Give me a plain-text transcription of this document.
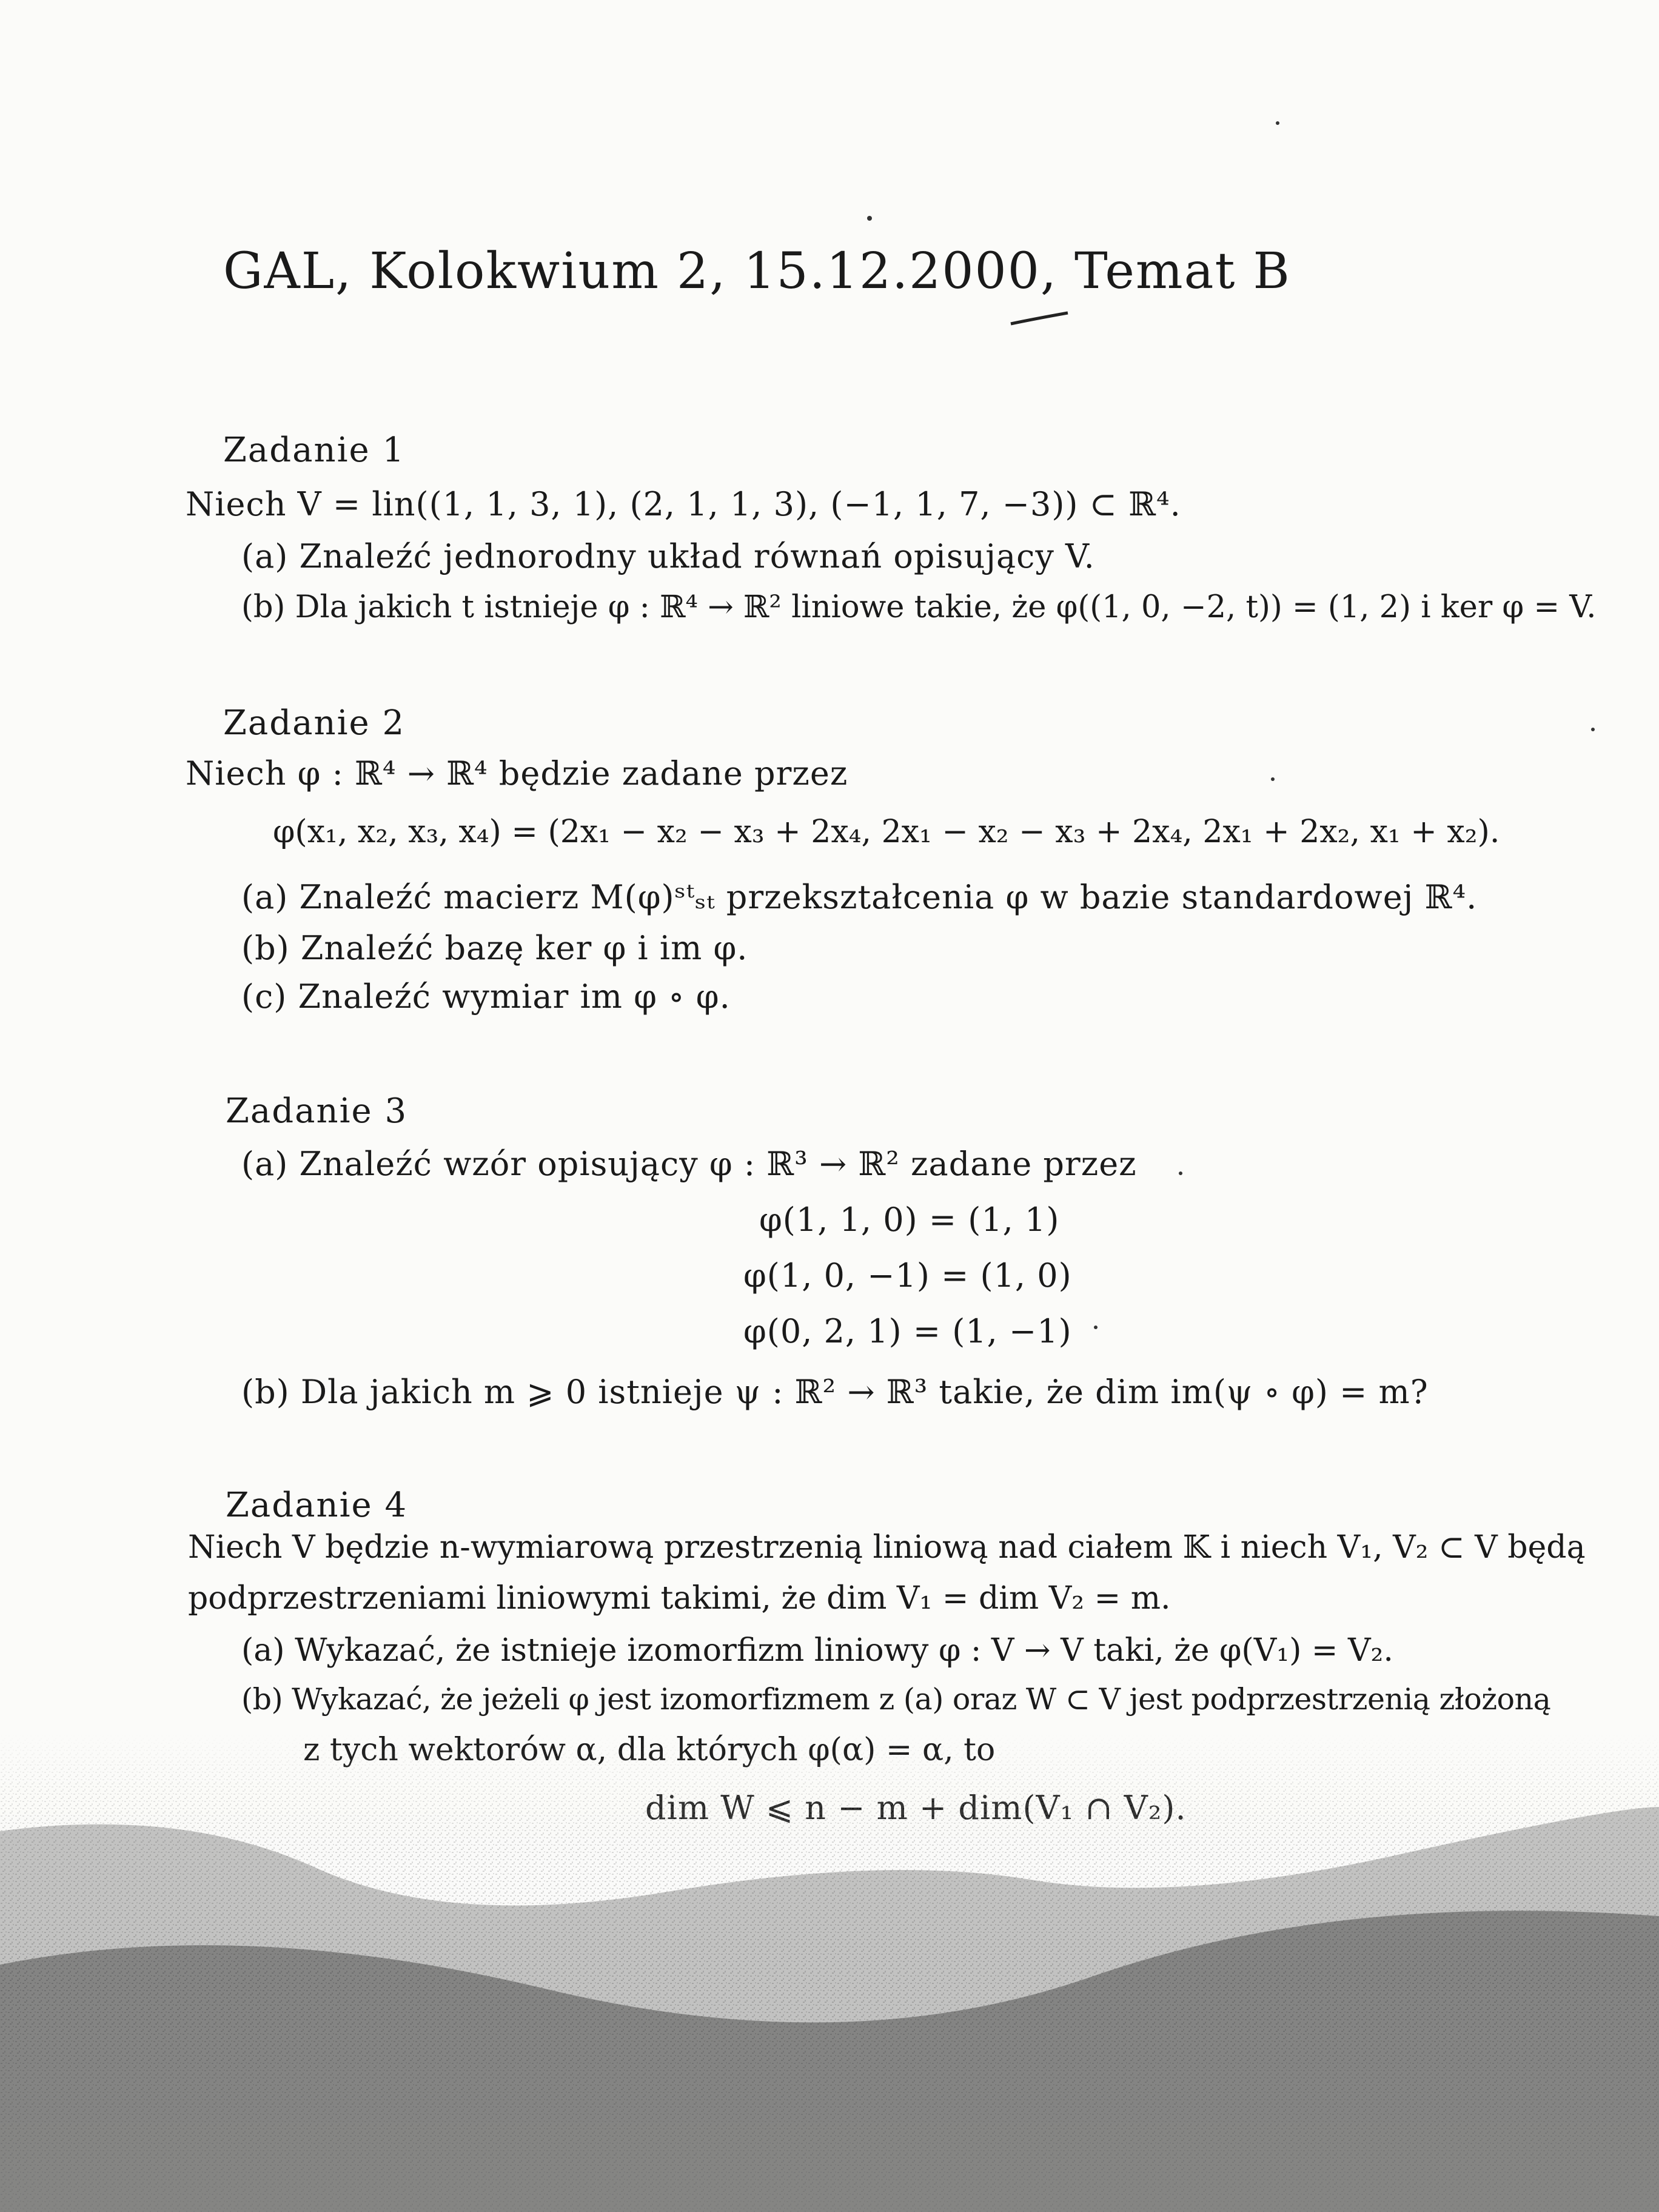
GAL, Kolokwium 2, 15.12.2000, Temat B
Zadanie 1
Niech V = lin((1, 1, 3, 1), (2, 1, 1, 3), (−1, 1, 7, −3)) ⊂ ℝ⁴.
(a) Znaleźć jednorodny układ równań opisujący V.
(b) Dla jakich t istnieje φ : ℝ⁴ → ℝ² liniowe takie, że φ((1, 0, −2, t)) = (1, 2) i ker φ = V.
Zadanie 2
Niech φ : ℝ⁴ → ℝ⁴ będzie zadane przez
φ(x₁, x₂, x₃, x₄) = (2x₁ − x₂ − x₃ + 2x₄, 2x₁ − x₂ − x₃ + 2x₄, 2x₁ + 2x₂, x₁ + x₂).
(a) Znaleźć macierz M(φ)ˢᵗₛₜ przekształcenia φ w bazie standardowej ℝ⁴.
(b) Znaleźć bazę ker φ i im φ.
(c) Znaleźć wymiar im φ ∘ φ.
Zadanie 3
(a) Znaleźć wzór opisujący φ : ℝ³ → ℝ² zadane przez
φ(1, 1, 0) = (1, 1)
φ(1, 0, −1) = (1, 0)
φ(0, 2, 1) = (1, −1)
(b) Dla jakich m ⩾ 0 istnieje ψ : ℝ² → ℝ³ takie, że dim im(ψ ∘ φ) = m?
Zadanie 4
Niech V będzie n-wymiarową przestrzenią liniową nad ciałem 𝕂 i niech V₁, V₂ ⊂ V będą
podprzestrzeniami liniowymi takimi, że dim V₁ = dim V₂ = m.
(a) Wykazać, że istnieje izomorfizm liniowy φ : V → V taki, że φ(V₁) = V₂.
(b) Wykazać, że jeżeli φ jest izomorfizmem z (a) oraz W ⊂ V jest podprzestrzenią złożoną
